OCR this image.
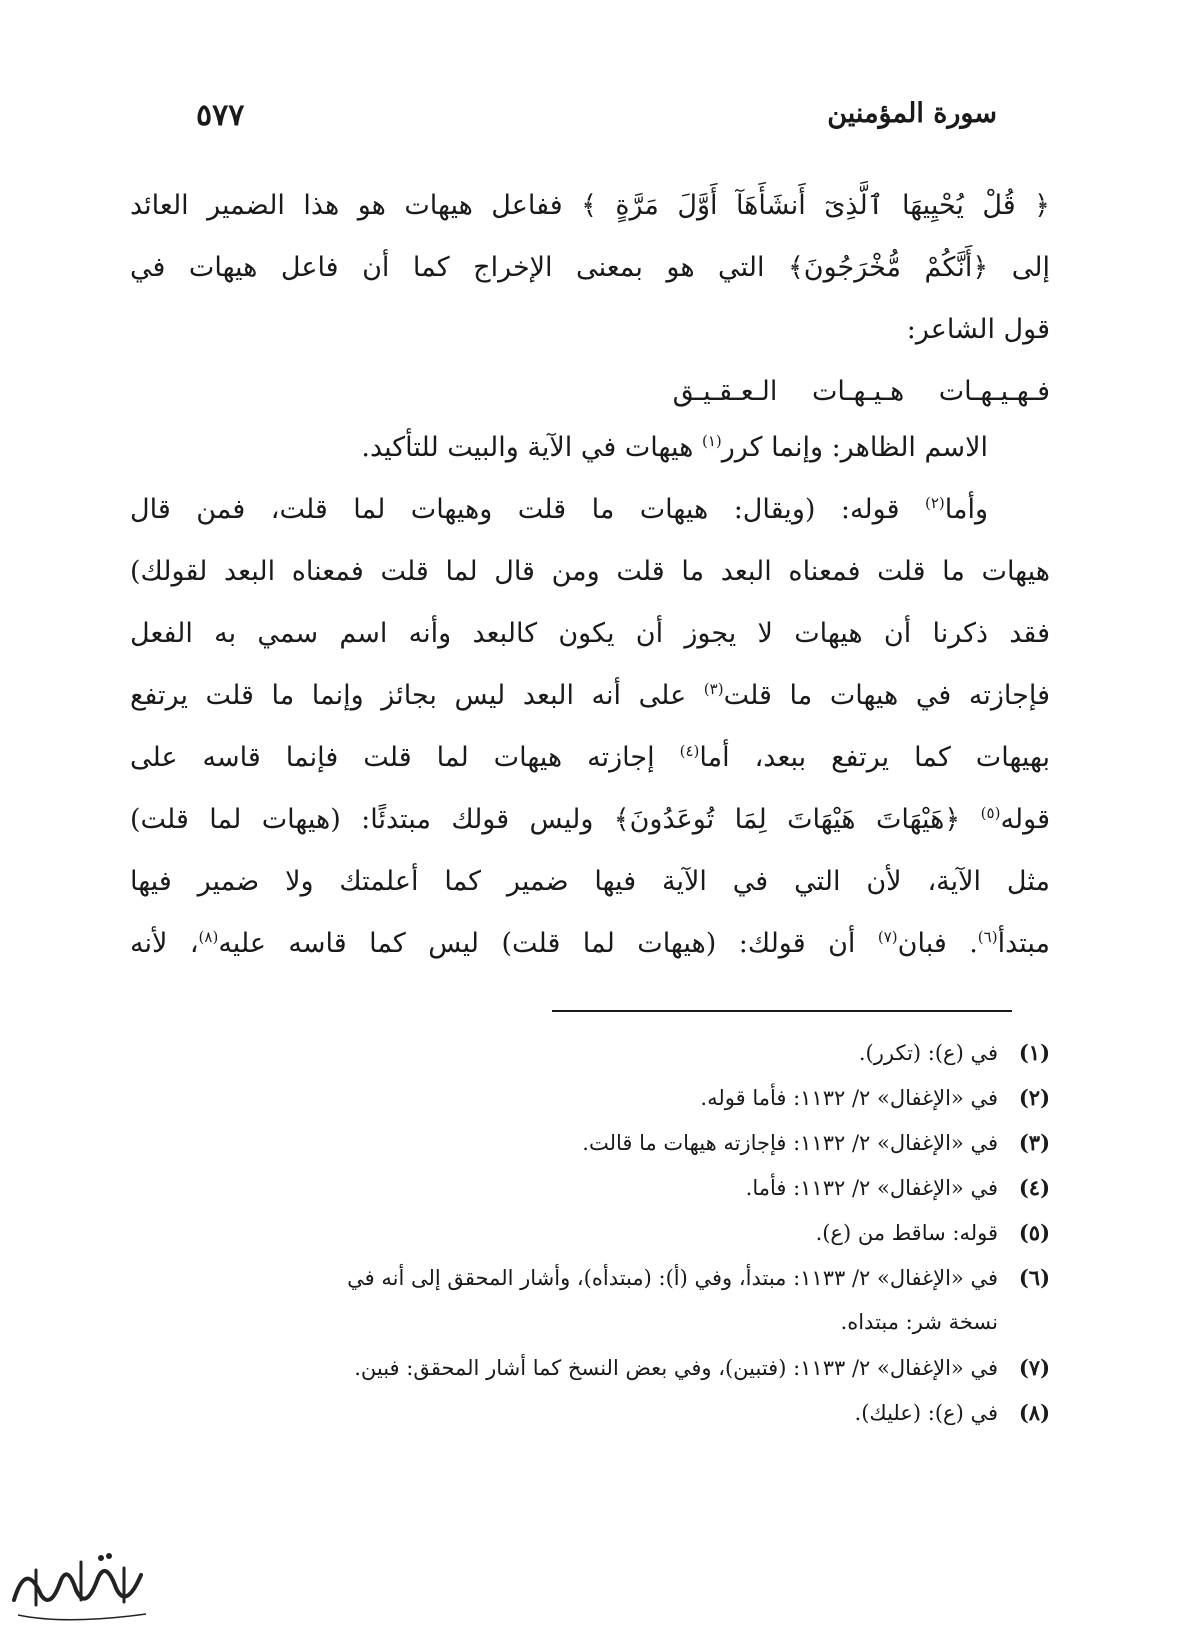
٥٧٧	سورة المؤمنين
﴿ قُلْ يُحْيِيهَا ٱلَّذِىٓ أَنشَأَهَآ أَوَّلَ مَرَّةٍ ﴾ ففاعل هيهات هو هذا الضمير العائد
إلى ﴿أَنَّكُمْ مُّخْرَجُونَ﴾ التي هو بمعنى الإخراج كما أن فاعل هيهات في
قول الشاعر:
فـهـيـهـات هـيـهـات الـعـقـيـق
الاسم الظاهر: وإنما كرر$^{(١)}$ هيهات في الآية والبيت للتأكيد.
وأما$^{(٢)}$ قوله: (ويقال: هيهات ما قلت وهيهات لما قلت، فمن قال
هيهات ما قلت فمعناه البعد ما قلت ومن قال لما قلت فمعناه البعد لقولك)
فقد ذكرنا أن هيهات لا يجوز أن يكون كالبعد وأنه اسم سمي به الفعل
فإجازته في هيهات ما قلت$^{(٣)}$ على أنه البعد ليس بجائز وإنما ما قلت يرتفع
بهيهات كما يرتفع ببعد، أما$^{(٤)}$ إجازته هيهات لما قلت فإنما قاسه على
قوله$^{(٥)}$ ﴿هَيْهَاتَ هَيْهَاتَ لِمَا تُوعَدُونَ﴾ وليس قولك مبتدئًا: (هيهات لما قلت)
مثل الآية، لأن التي في الآية فيها ضمير كما أعلمتك ولا ضمير فيها
مبتدأ$^{(٦)}$. فبان$^{(٧)}$ أن قولك: (هيهات لما قلت) ليس كما قاسه عليه$^{(٨)}$، لأنه
(١)في (ع): (تكرر).
(٢)في «الإغفال» ٢/ ١١٣٢: فأما قوله.
(٣)في «الإغفال» ٢/ ١١٣٢: فإجازته هيهات ما قالت.
(٤)في «الإغفال» ٢/ ١١٣٢: فأما.
(٥)قوله: ساقط من (ع).
(٦)في «الإغفال» ٢/ ١١٣٣: مبتدأ، وفي (أ): (مبتدأه)، وأشار المحقق إلى أنه في
نسخة شر: مبتداه.
(٧)في «الإغفال» ٢/ ١١٣٣: (فتبين)، وفي بعض النسخ كما أشار المحقق: فبين.
(٨)في (ع): (عليك).
